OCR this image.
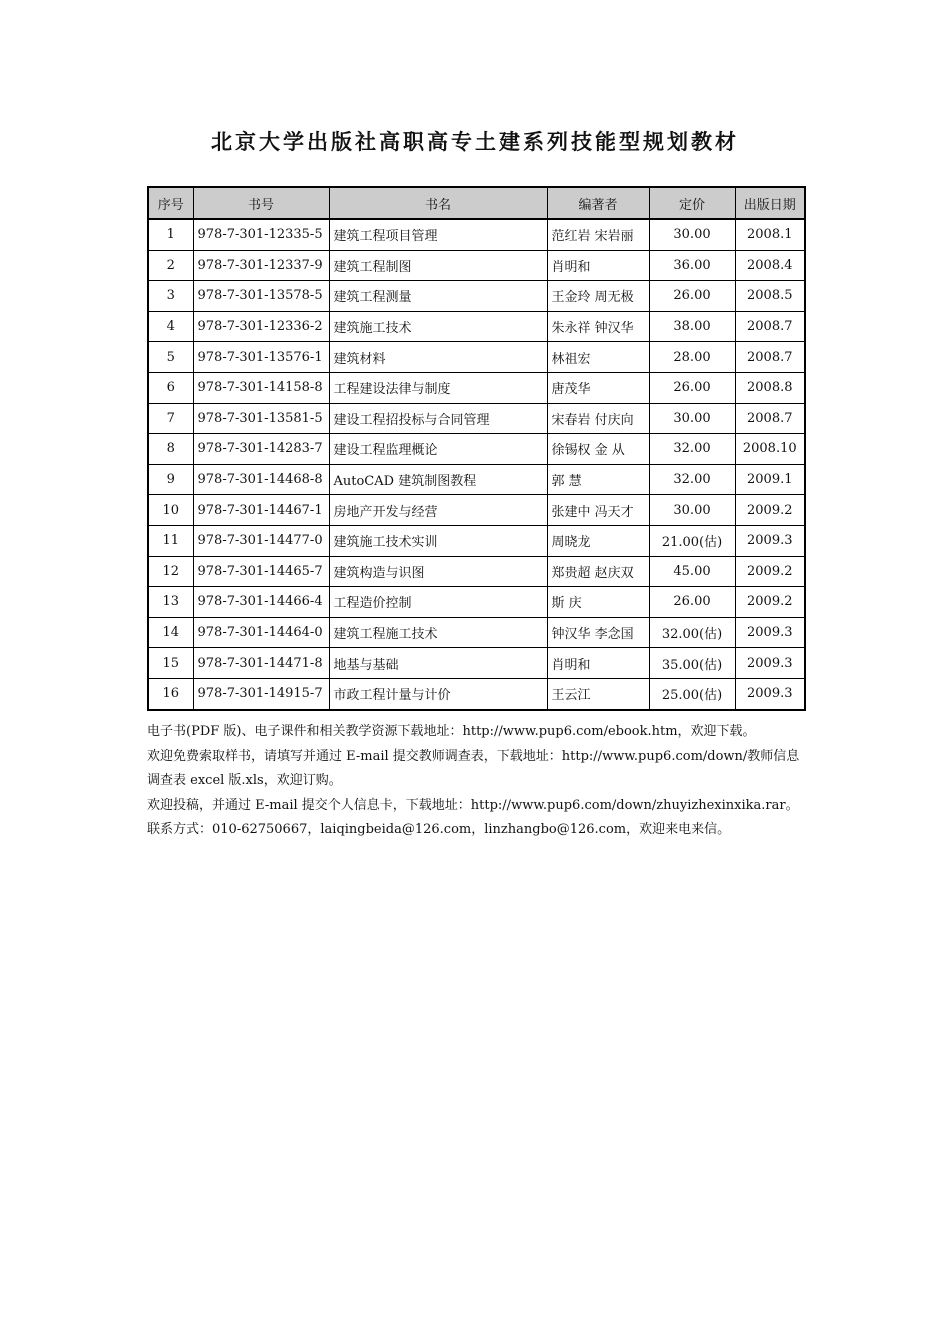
北京大学出版社高职高专土建系列技能型规划教材
序号	书号	书名	编著者	定价	出版日期
1	978-7-301-12335-5	建筑工程项目管理	范红岩 宋岩丽	30.00	2008.1
2	978-7-301-12337-9	建筑工程制图	肖明和	36.00	2008.4
3	978-7-301-13578-5	建筑工程测量	王金玲 周无极	26.00	2008.5
4	978-7-301-12336-2	建筑施工技术	朱永祥 钟汉华	38.00	2008.7
5	978-7-301-13576-1	建筑材料	林祖宏	28.00	2008.7
6	978-7-301-14158-8	工程建设法律与制度	唐茂华	26.00	2008.8
7	978-7-301-13581-5	建设工程招投标与合同管理	宋春岩 付庆向	30.00	2008.7
8	978-7-301-14283-7	建设工程监理概论	徐锡权 金 从	32.00	2008.10
9	978-7-301-14468-8	AutoCAD 建筑制图教程	郭 慧	32.00	2009.1
10	978-7-301-14467-1	房地产开发与经营	张建中 冯天才	30.00	2009.2
11	978-7-301-14477-0	建筑施工技术实训	周晓龙	21.00(估)	2009.3
12	978-7-301-14465-7	建筑构造与识图	郑贵超 赵庆双	45.00	2009.2
13	978-7-301-14466-4	工程造价控制	斯 庆	26.00	2009.2
14	978-7-301-14464-0	建筑工程施工技术	钟汉华 李念国	32.00(估)	2009.3
15	978-7-301-14471-8	地基与基础	肖明和	35.00(估)	2009.3
16	978-7-301-14915-7	市政工程计量与计价	王云江	25.00(估)	2009.3

电子书(PDF 版)、电子课件和相关教学资源下载地址：http://www.pup6.com/ebook.htm，欢迎下载。

欢迎免费索取样书，请填写并通过 E-mail 提交教师调查表，下载地址：http://www.pup6.com/down/教师信息调查表 excel 版.xls，欢迎订购。

欢迎投稿，并通过 E-mail 提交个人信息卡，下载地址：http://www.pup6.com/down/zhuyizhexinxika.rar。

联系方式：010-62750667，laiqingbeida@126.com，linzhangbo@126.com，欢迎来电来信。
